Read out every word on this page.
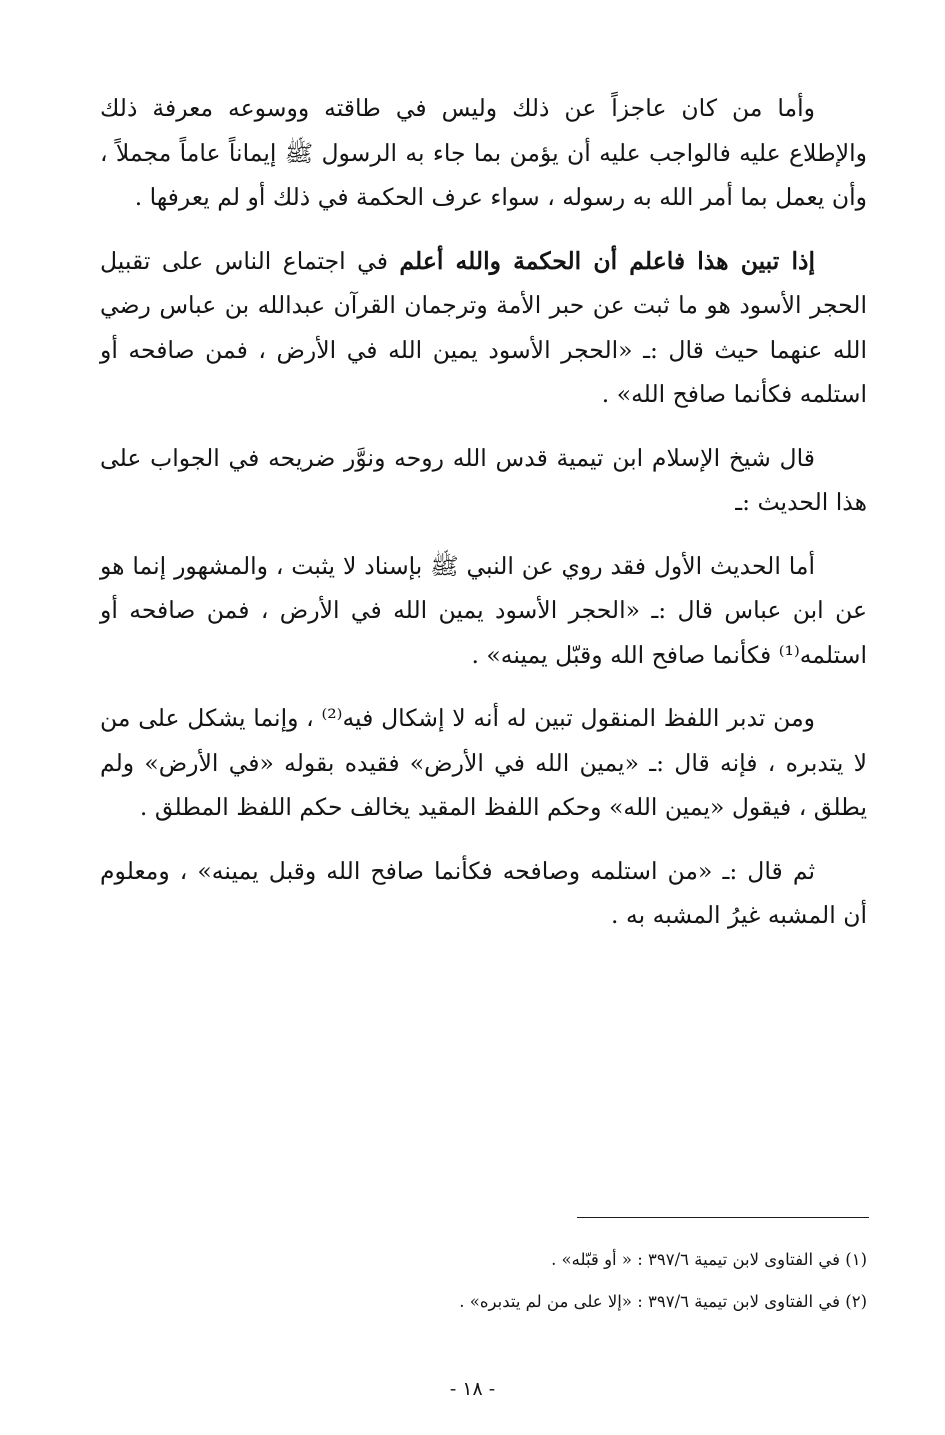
وأما من كان عاجزاً عن ذلك وليس في طاقته ووسوعه معرفة ذلك والإطلاع عليه فالواجب عليه أن يؤمن بما جاء به الرسول ﷺ إيماناً عاماً مجملاً ، وأن يعمل بما أمر الله به رسوله ، سواء عرف الحكمة في ذلك أو لم يعرفها .

إذا تبين هذا فاعلم أن الحكمة والله أعلم في اجتماع الناس على تقبيل الحجر الأسود هو ما ثبت عن حبر الأمة وترجمان القرآن عبدالله بن عباس رضي الله عنهما حيث قال :ـ «الحجر الأسود يمين الله في الأرض ، فمن صافحه أو استلمه فكأنما صافح الله» .

قال شيخ الإسلام ابن تيمية قدس الله روحه ونوَّر ضريحه في الجواب على هذا الحديث :ـ

أما الحديث الأول فقد روي عن النبي ﷺ بإسناد لا يثبت ، والمشهور إنما هو عن ابن عباس قال :ـ «الحجر الأسود يمين الله في الأرض ، فمن صافحه أو استلمه⁽¹⁾ فكأنما صافح الله وقبّل يمينه» .

ومن تدبر اللفظ المنقول تبين له أنه لا إشكال فيه⁽²⁾ ، وإنما يشكل على من لا يتدبره ، فإنه قال :ـ «يمين الله في الأرض» فقيده بقوله «في الأرض» ولم يطلق ، فيقول «يمين الله» وحكم اللفظ المقيد يخالف حكم اللفظ المطلق .

ثم قال :ـ «من استلمه وصافحه فكأنما صافح الله وقبل يمينه» ، ومعلوم أن المشبه غيرُ المشبه به .

(١) في الفتاوى لابن تيمية ٣٩٧/٦ : « أو قبّله» .

(٢) في الفتاوى لابن تيمية ٣٩٧/٦ : «إلا على من لم يتدبره» .

- ١٨ -
